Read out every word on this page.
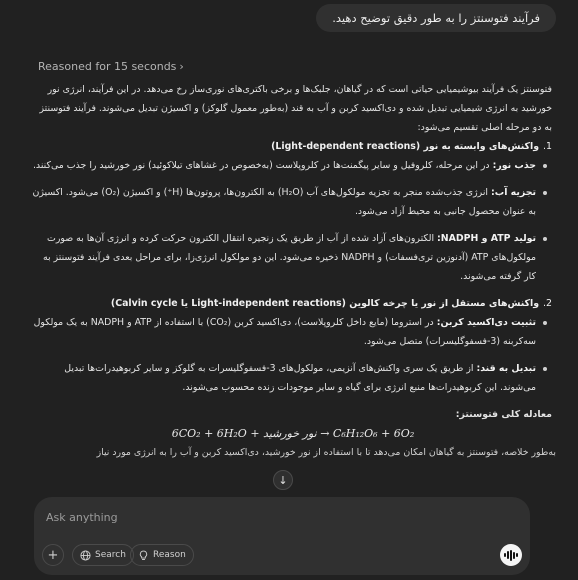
فرآیند فتوسنتز را به طور دقیق توضیح دهید.
Reasoned for 15 seconds ›

فتوسنتز یک فرآیند بیوشیمیایی حیاتی است که در گیاهان، جلبک‌ها و برخی باکتری‌های نوری‌ساز رخ می‌دهد. در این فرآیند، انرژی نور خورشید به انرژی شیمیایی تبدیل شده و دی‌اکسید کربن و آب به قند (به‌طور معمول گلوکز) و اکسیژن تبدیل می‌شوند. فرآیند فتوسنتز به دو مرحله اصلی تقسیم می‌شود:

1.واکنش‌های وابسته به نور (Light-dependent reactions)

جذب نور: در این مرحله، کلروفیل و سایر پیگمنت‌ها در کلروپلاست (به‌خصوص در غشاهای تیلاکوئید) نور خورشید را جذب می‌کنند.
تجزیه آب: انرژی جذب‌شده منجر به تجزیه مولکول‌های آب (H₂O) به الکترون‌ها، پروتون‌ها (H⁺) و اکسیژن (O₂) می‌شود. اکسیژن به عنوان محصول جانبی به محیط آزاد می‌شود.
تولید ATP و NADPH: الکترون‌های آزاد شده از آب از طریق یک زنجیره انتقال الکترون حرکت کرده و انرژی آن‌ها به صورت مولکول‌های ATP (آدنوزین تری‌فسفات) و NADPH ذخیره می‌شود. این دو مولکول انرژی‌زا، برای مراحل بعدی فرآیند فتوسنتز به کار گرفته می‌شوند.

2.واکنش‌های مستقل از نور یا چرخه کالوین (Light-independent reactions یا Calvin cycle)

تثبیت دی‌اکسید کربن: در استروما (مایع داخل کلروپلاست)، دی‌اکسید کربن (CO₂) با استفاده از ATP و NADPH به یک مولکول سه‌کربنه (3-فسفوگلیسرات) متصل می‌شود.
تبدیل به قند: از طریق یک سری واکنش‌های آنزیمی، مولکول‌های 3-فسفوگلیسرات به گلوکز و سایر کربوهیدرات‌ها تبدیل می‌شوند. این کربوهیدرات‌ها منبع انرژی برای گیاه و سایر موجودات زنده محسوب می‌شوند.

معادله کلی فتوسنتز:

6CO₂ + 6H₂O + نور خورشید → C₆H₁₂O₆ + 6O₂

به‌طور خلاصه، فتوسنتز به گیاهان امکان می‌دهد تا با استفاده از نور خورشید، دی‌اکسید کربن و آب را به انرژی مورد نیاز

↓
Ask anything
+	Search	Reason
